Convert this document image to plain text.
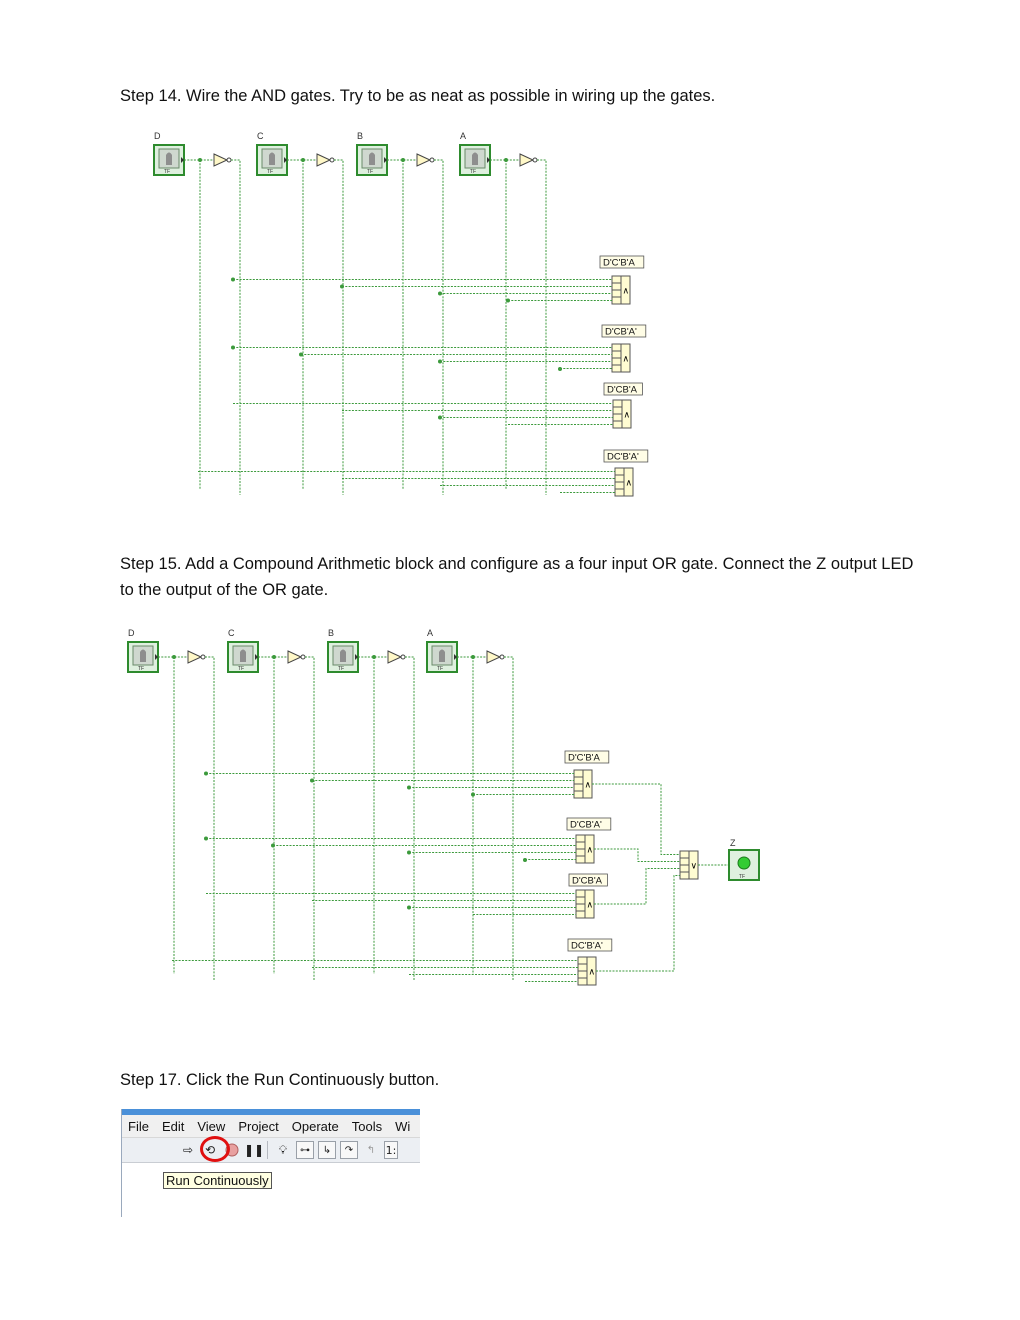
Step 14. Wire the AND gates. Try to be as neat as possible in wiring up the gates.

D
TF
C
TF
B
TF
A
TF
D'C'B'A
∧
D'CB'A'
∧
D'CB'A
∧
DC'B'A'
∧

Step 15. Add a Compound Arithmetic block and configure as a four input OR gate. Connect the Z output LED to the output of the OR gate.

D
TF
C
TF
B
TF
A
TF
D'C'B'A
∧
D'CB'A'
∧
D'CB'A
∧
DC'B'A'
∧
∨
Z
TF

Step 17. Click the Run Continuously button.

File	Edit	View	Project	Operate	Tools	Wi
⇨ ⟲	❚❚	💡︎	⊶	↳	↷	↰ 1:
Run Continuously
